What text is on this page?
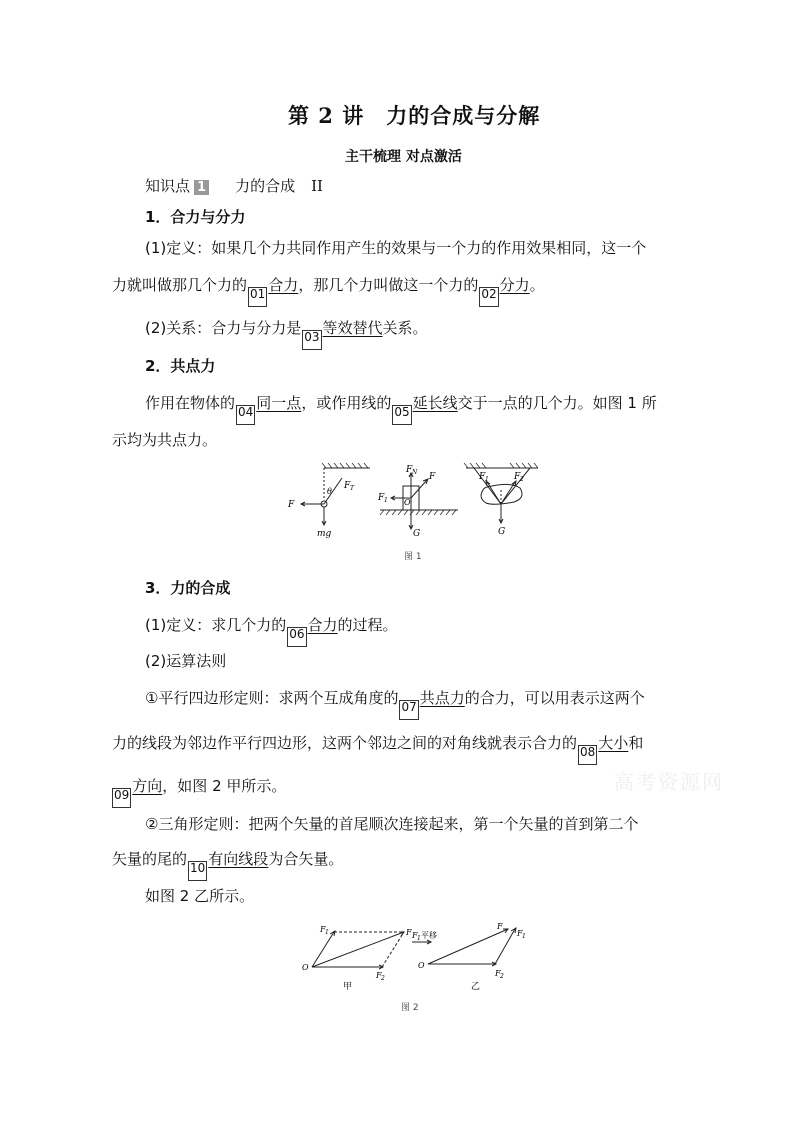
第 2 讲　力的合成与分解
主干梳理 对点激活
知识点 1 力的合成 II
1．合力与分力
(1)定义：如果几个力共同作用产生的效果与一个力的作用效果相同，这一个
力就叫做那几个力的 01 合力，那几个力叫做这一个力的 02 分力。
(2)关系：合力与分力是 03 等效替代关系。
2．共点力
作用在物体的 04 同一点，或作用线的 05 延长线交于一点的几个力。如图 1 所
示均为共点力。
F
θ
F T
mg
F N
F 1 O
F
G
F 1	F 2
G
图 1
3．力的合成
(1)定义：求几个力的 06 合力的过程。
(2)运算法则
①平行四边形定则：求两个互成角度的 07 共点力的合力，可以用表示这两个
力的线段为邻边作平行四边形，这两个邻边之间的对角线就表示合力的 08 大小和
09 方向，如图 2 甲所示。	高考资源网
②三角形定则：把两个矢量的首尾顺次连接起来，第一个矢量的首到第二个
矢量的尾的 10 有向线段为合矢量。
如图 2 乙所示。
F 1	F
O
F 2
甲
F 1 平移
F
F 1
O
F 2
乙
图 2
